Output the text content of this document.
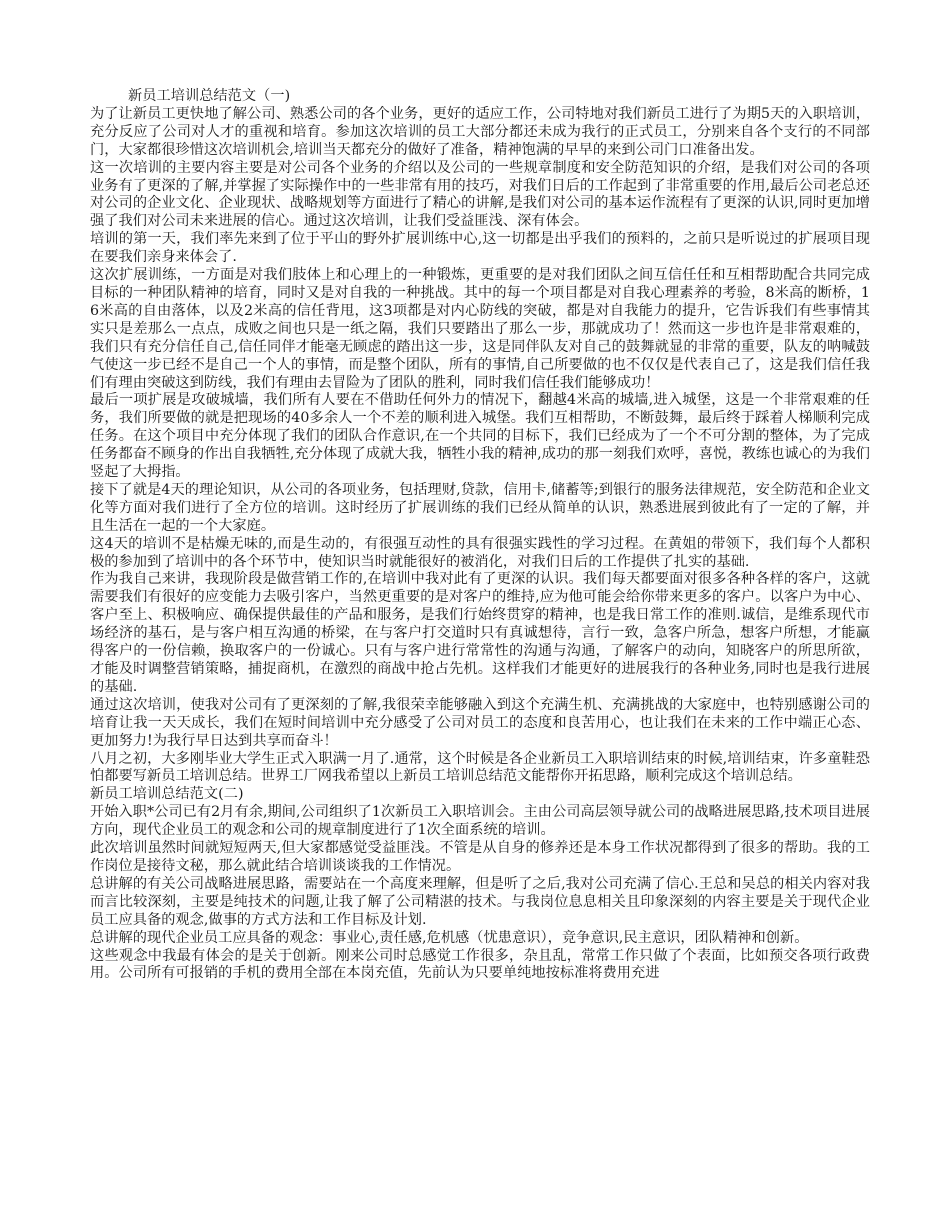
新员工培训总结范文（一)

为了让新员工更快地了解公司、熟悉公司的各个业务，更好的适应工作，公司特地对我们新员工进行了为期5天的入职培训，充分反应了公司对人才的重视和培育。参加这次培训的员工大部分都还未成为我行的正式员工，分别来自各个支行的不同部门，大家都很珍惜这次培训机会,培训当天都充分的做好了准备，精神饱满的早早的来到公司门口准备出发。

这一次培训的主要内容主要是对公司各个业务的介绍以及公司的一些规章制度和安全防范知识的介绍，是我们对公司的各项业务有了更深的了解,并掌握了实际操作中的一些非常有用的技巧，对我们日后的工作起到了非常重要的作用,最后公司老总还对公司的企业文化、企业现状、战略规划等方面进行了精心的讲解,是我们对公司的基本运作流程有了更深的认识,同时更加增强了我们对公司未来进展的信心。通过这次培训，让我们受益匪浅、深有体会。

培训的第一天，我们率先来到了位于平山的野外扩展训练中心,这一切都是出乎我们的预料的，之前只是听说过的扩展项目现在要我们亲身来体会了.

这次扩展训练，一方面是对我们肢体上和心理上的一种锻炼，更重要的是对我们团队之间互信任任和互相帮助配合共同完成目标的一种团队精神的培育，同时又是对自我的一种挑战。其中的每一个项目都是对自我心理素养的考验，8米高的断桥，16米高的自由落体，以及2米高的信任背甩，这3项都是对内心防线的突破，都是对自我能力的提升，它告诉我们有些事情其实只是差那么一点点，成败之间也只是一纸之隔，我们只要踏出了那么一步，那就成功了！然而这一步也许是非常艰难的，我们只有充分信任自己,信任同伴才能毫无顾虑的踏出这一步，这是同伴队友对自己的鼓舞就显的非常的重要，队友的呐喊鼓气使这一步已经不是自己一个人的事情，而是整个团队，所有的事情,自己所要做的也不仅仅是代表自己了，这是我们信任我们有理由突破这到防线，我们有理由去冒险为了团队的胜利，同时我们信任我们能够成功！

最后一项扩展是攻破城墙，我们所有人要在不借助任何外力的情况下，翻越4米高的城墙,进入城堡，这是一个非常艰难的任务，我们所要做的就是把现场的40多余人一个不差的顺利进入城堡。我们互相帮助，不断鼓舞，最后终于踩着人梯顺利完成任务。在这个项目中充分体现了我们的团队合作意识,在一个共同的目标下，我们已经成为了一个不可分割的整体，为了完成任务都奋不顾身的作出自我牺牲,充分体现了成就大我，牺牲小我的精神,成功的那一刻我们欢呼，喜悦，教练也诚心的为我们竖起了大拇指。

接下了就是4天的理论知识，从公司的各项业务，包括理财,贷款，信用卡,储蓄等;到银行的服务法律规范，安全防范和企业文化等方面对我们进行了全方位的培训。这时经历了扩展训练的我们已经从简单的认识，熟悉进展到彼此有了一定的了解，并且生活在一起的一个大家庭。

这4天的培训不是枯燥无味的,而是生动的，有很强互动性的具有很强实践性的学习过程。在黄姐的带领下，我们每个人都积极的参加到了培训中的各个环节中，使知识当时就能很好的被消化，对我们日后的工作提供了扎实的基础.

作为我自己来讲，我现阶段是做营销工作的,在培训中我对此有了更深的认识。我们每天都要面对很多各种各样的客户，这就需要我们有很好的应变能力去吸引客户，当然更重要的是对客户的维持,应为他可能会给你带来更多的客户。以客户为中心、客户至上、积极响应、确保提供最佳的产品和服务，是我们行始终贯穿的精神，也是我日常工作的准则.诚信，是维系现代市场经济的基石，是与客户相互沟通的桥梁，在与客户打交道时只有真诚想待，言行一致，急客户所急，想客户所想，才能赢得客户的一份信赖，换取客户的一份诚心。只有与客户进行常常性的沟通与沟通，了解客户的动向，知晓客户的所思所欲，才能及时调整营销策略，捕捉商机，在激烈的商战中抢占先机。这样我们才能更好的进展我行的各种业务,同时也是我行进展的基础.

通过这次培训，使我对公司有了更深刻的了解,我很荣幸能够融入到这个充满生机、充满挑战的大家庭中，也特别感谢公司的培育让我一天天成长，我们在短时间培训中充分感受了公司对员工的态度和良苦用心，也让我们在未来的工作中端正心态、更加努力!为我行早日达到共享而奋斗！

八月之初，大多刚毕业大学生正式入职满一月了.通常，这个时候是各企业新员工入职培训结束的时候,培训结束，许多童鞋恐怕都要写新员工培训总结。世界工厂网我希望以上新员工培训总结范文能帮你开拓思路，顺利完成这个培训总结。

新员工培训总结范文(二)

开始入职*公司已有2月有余,期间,公司组织了1次新员工入职培训会。主由公司高层领导就公司的战略进展思路,技术项目进展方向，现代企业员工的观念和公司的规章制度进行了1次全面系统的培训。

此次培训虽然时间就短短两天,但大家都感觉受益匪浅。不管是从自身的修养还是本身工作状况都得到了很多的帮助。我的工作岗位是接待文秘，那么就此结合培训谈谈我的工作情况。

总讲解的有关公司战略进展思路，需要站在一个高度来理解，但是听了之后,我对公司充满了信心.王总和吴总的相关内容对我而言比较深刻，主要是纯技术的问题,让我了解了公司精湛的技术。与我岗位息息相关且印象深刻的内容主要是关于现代企业员工应具备的观念,做事的方式方法和工作目标及计划.

总讲解的现代企业员工应具备的观念：事业心,责任感,危机感（忧患意识），竞争意识,民主意识，团队精神和创新。

这些观念中我最有体会的是关于创新。刚来公司时总感觉工作很多，杂且乱，常常工作只做了个表面，比如预交各项行政费用。公司所有可报销的手机的费用全部在本岗充值，先前认为只要单纯地按标准将费用充进
